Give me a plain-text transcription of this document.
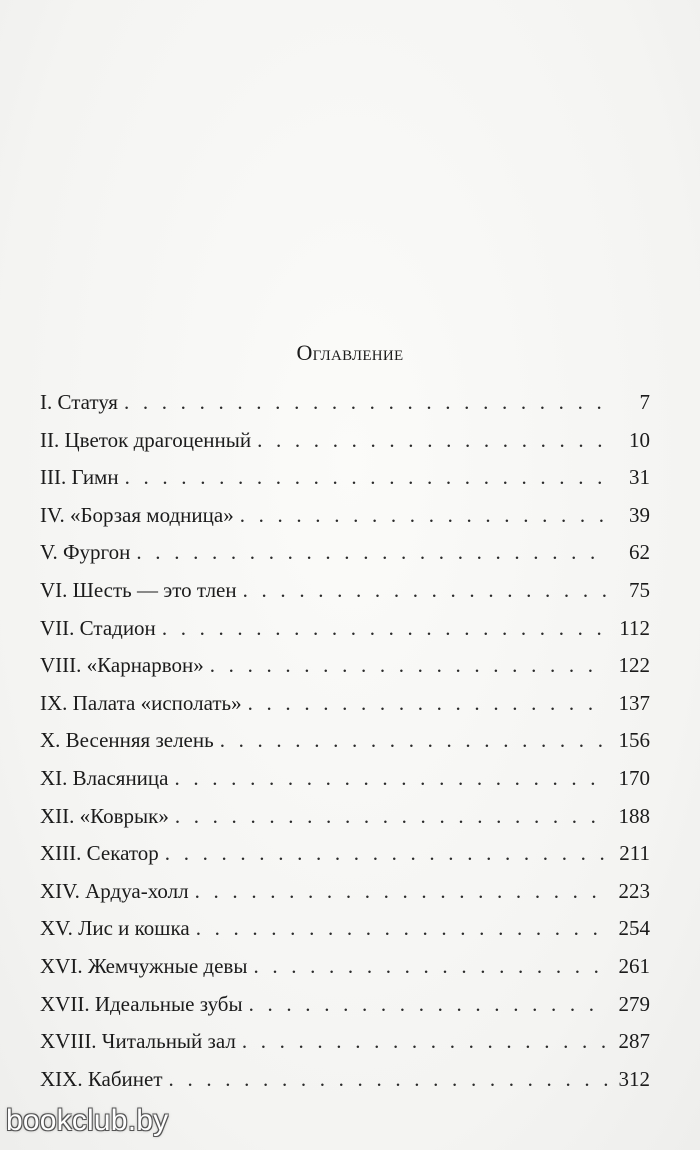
Оглавление
I. Статуя . . .	7
II. Цветок драгоценный . . .	10
III. Гимн . . .	31
IV. «Борзая модница» . . .	39
V. Фургон . . .	62
VI. Шесть — это тлен . . .	75
VII. Стадион . . .	112
VIII. «Карнарвон» . . .	122
IX. Палата «исполать» . . .	137
X. Весенняя зелень . . .	156
XI. Власяница . . .	170
XII. «Коврык» . . .	188
XIII. Секатор . . .	211
XIV. Ардуа-холл . . .	223
XV. Лис и кошка . . .	254
XVI. Жемчужные девы . . .	261
XVII. Идеальные зубы . . .	279
XVIII. Читальный зал . . .	287
XIX. Кабинет . . .	312
bookclub.by
